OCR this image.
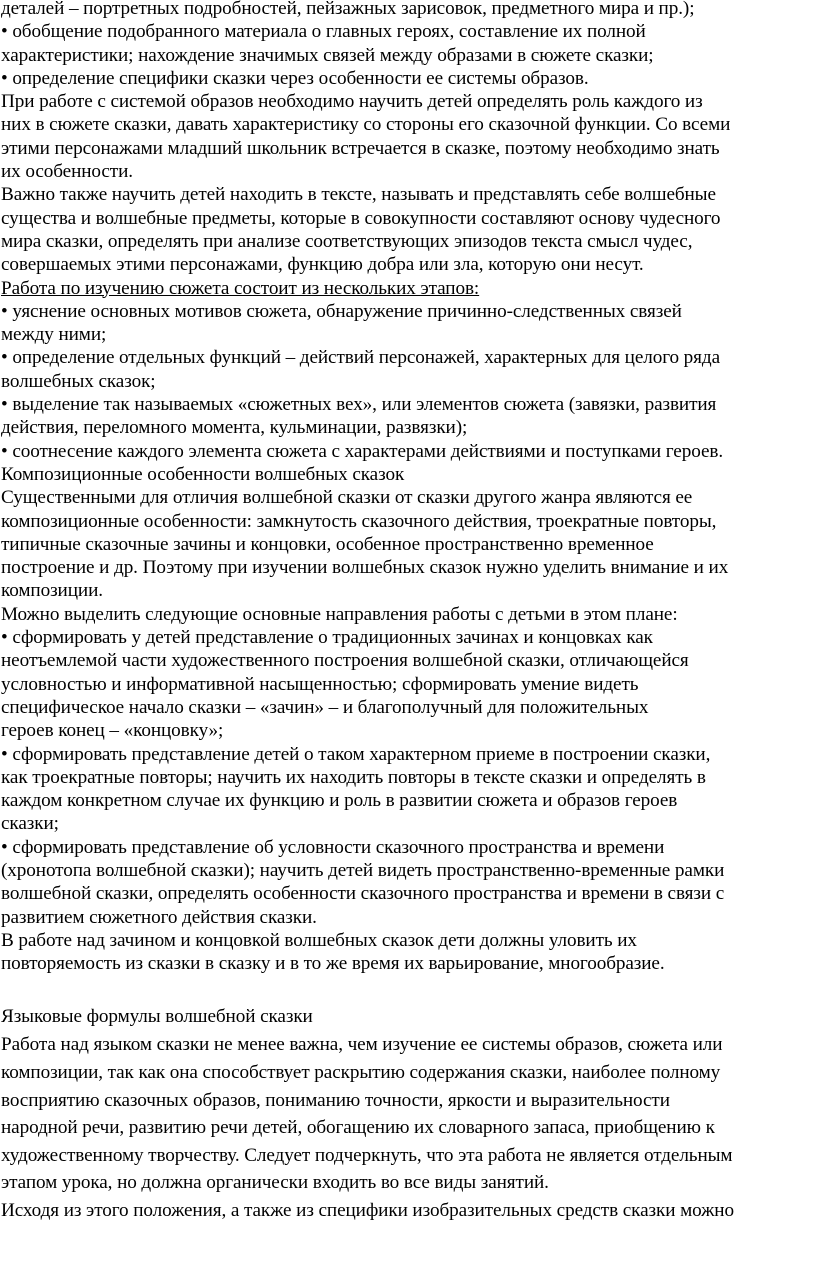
деталей – портретных подробностей, пейзажных зарисовок, предметного мира и пр.);
• обобщение подобранного материала о главных героях, составление их полной
характеристики; нахождение значимых связей между образами в сюжете сказки;
• определение специфики сказки через особенности ее системы образов.
При работе с системой образов необходимо научить детей определять роль каждого из
них в сюжете сказки, давать характеристику со стороны его сказочной функции. Со всеми
этими персонажами младший школьник встречается в сказке, поэтому необходимо знать
их особенности.
Важно также научить детей находить в тексте, называть и представлять себе волшебные
существа и волшебные предметы, которые в совокупности составляют основу чудесного
мира сказки, определять при анализе соответствующих эпизодов текста смысл чудес,
совершаемых этими персонажами, функцию добра или зла, которую они несут.
Работа по изучению сюжета состоит из нескольких этапов:
• уяснение основных мотивов сюжета, обнаружение причинно-следственных связей
между ними;
• определение отдельных функций – действий персонажей, характерных для целого ряда
волшебных сказок;
• выделение так называемых «сюжетных вех», или элементов сюжета (завязки, развития
действия, переломного момента, кульминации, развязки);
• соотнесение каждого элемента сюжета с характерами действиями и поступками героев.
Композиционные особенности волшебных сказок
Существенными для отличия волшебной сказки от сказки другого жанра являются ее
композиционные особенности: замкнутость сказочного действия, троекратные повторы,
типичные сказочные зачины и концовки, особенное пространственно временное
построение и др. Поэтому при изучении волшебных сказок нужно уделить внимание и их
композиции.
Можно выделить следующие основные направления работы с детьми в этом плане:
• сформировать у детей представление о традиционных зачинах и концовках как
неотъемлемой части художественного построения волшебной сказки, отличающейся
условностью и информативной насыщенностью; сформировать умение видеть
специфическое начало сказки – «зачин» – и благополучный для положительных
героев конец – «концовку»;
• сформировать представление детей о таком характерном приеме в построении сказки,
как троекратные повторы; научить их находить повторы в тексте сказки и определять в
каждом конкретном случае их функцию и роль в развитии сюжета и образов героев
сказки;
• сформировать представление об условности сказочного пространства и времени
(хронотопа волшебной сказки); научить детей видеть пространственно-временные рамки
волшебной сказки, определять особенности сказочного пространства и времени в связи с
развитием сюжетного действия сказки.
В работе над зачином и концовкой волшебных сказок дети должны уловить их
повторяемость из сказки в сказку и в то же время их варьирование, многообразие.
Языковые формулы волшебной сказки
Работа над языком сказки не менее важна, чем изучение ее системы образов, сюжета или
композиции, так как она способствует раскрытию содержания сказки, наиболее полному
восприятию сказочных образов, пониманию точности, яркости и выразительности
народной речи, развитию речи детей, обогащению их словарного запаса, приобщению к
художественному творчеству. Следует подчеркнуть, что эта работа не является отдельным
этапом урока, но должна органически входить во все виды занятий.
Исходя из этого положения, а также из специфики изобразительных средств сказки можно
